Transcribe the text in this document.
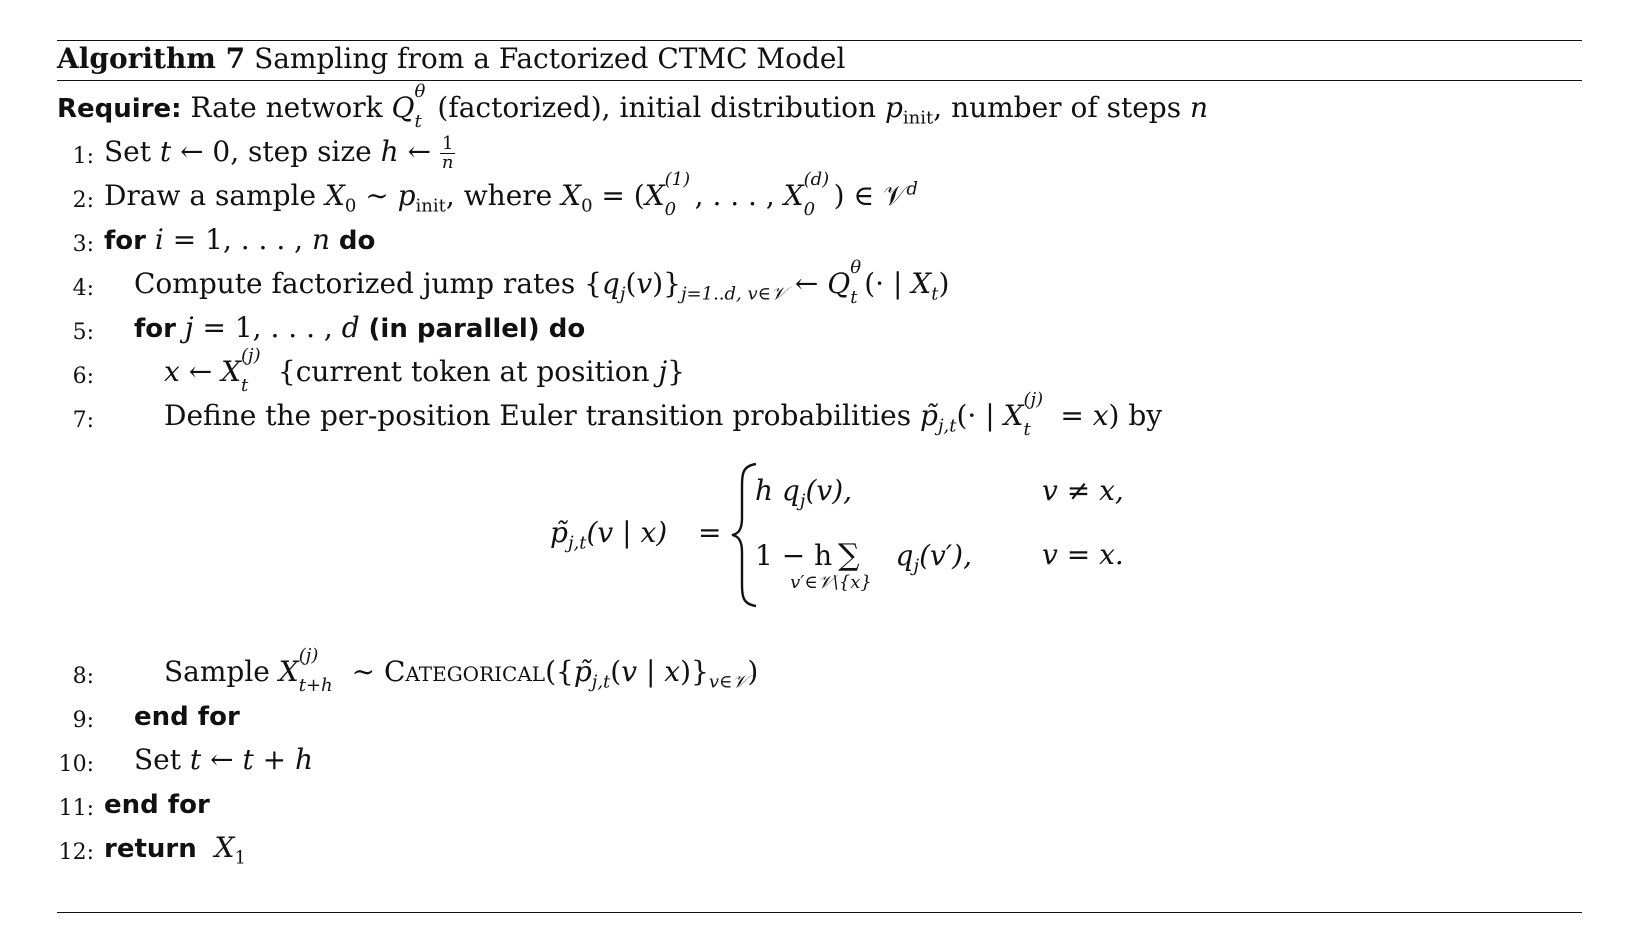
Algorithm 7 Sampling from a Factorized CTMC Model
Require: Rate network Q θ
t (factorized), initial distribution $p_{init}$, number of steps n
1: Set t ← 0, step size h ← $\frac{1}{n}$
2: Draw a sample $X_0$ ∼ $p_{init}$, where $X_0 = (X$ (1)
0 , . . . , X (d)
0 ) ∈ 𝒱$^d$
3: for i = 1, . . . , n do
4: Compute factorized jump rates $\{q_j(v)\}_{j=1..d, v\in 𝒱}$ ← Q θ
t (· | $X_t$)
5: for j = 1, . . . , d (in parallel) do
6:	x ← X (j)
t {current token at position j}
7:	Define the per-position Euler transition probabilities $p̃_{j,t}(\cdot$ | X (j)
t = x) by
$p̃_{j,t}(v$ | x) =
h $q_j(v)$,	v ≠ x,
1 − h ∑
v′∈𝒱\{x}
$q_j(v')$,	v = x.
8:	Sample X (j)
t+h ∼ $Categorical(\{p̃_{j,t}(v$ | $x)\}_{v\in 𝒱}$)
9: end for
10: Set t ← t + h
11: end for
12: return $X_1$
